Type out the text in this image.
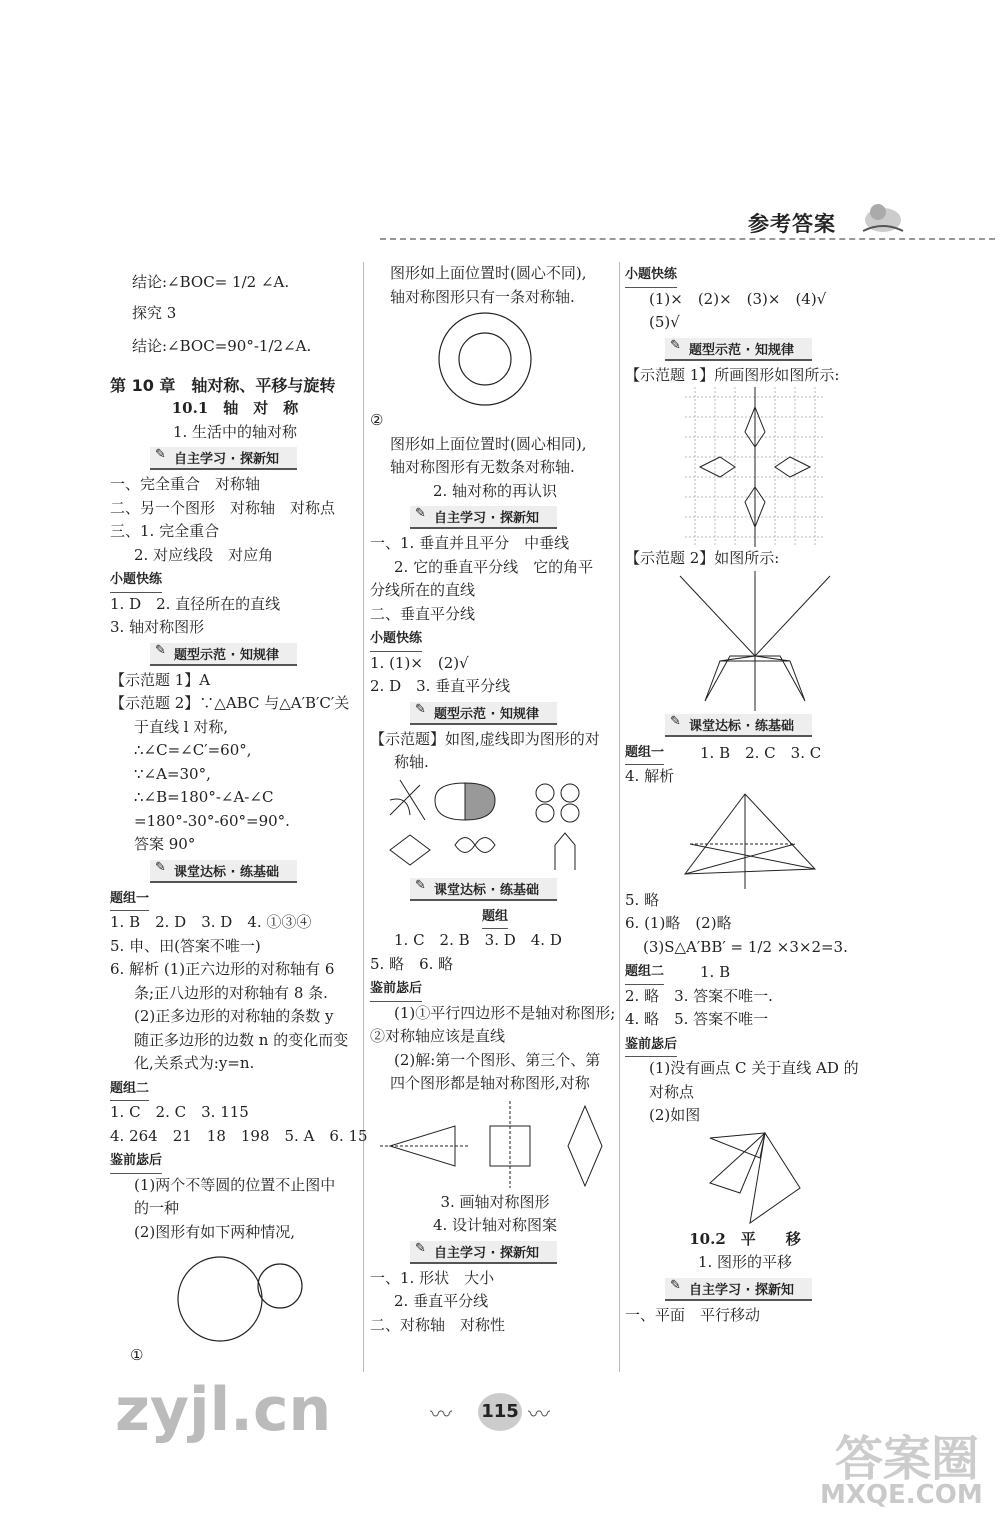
参考答案

结论:∠BOC= 1/2 ∠A.

探究 3

结论:∠BOC=90°-1/2∠A.

第 10 章　轴对称、平移与旋转

10.1　轴　对　称

1. 生活中的轴对称

✎ 自主学习 · 探新知

一、完全重合　对称轴

二、另一个图形　对称轴　对称点

三、1. 完全重合

2. 对应线段　对应角

小题快练

1. D　2. 直径所在的直线

3. 轴对称图形

✎ 题型示范 · 知规律

【示范题 1】A

【示范题 2】∵△ABC 与△A′B′C′关

于直线 l 对称,

∴∠C=∠C′=60°,

∵∠A=30°,

∴∠B=180°-∠A-∠C

=180°-30°-60°=90°.

答案 90°

✎ 课堂达标 · 练基础

题组一

1. B　2. D　3. D　4. ①③④

5. 申、田(答案不唯一)

6. 解析 (1)正六边形的对称轴有 6

条;正八边形的对称轴有 8 条.

(2)正多边形的对称轴的条数 y

随正多边形的边数 n 的变化而变

化,关系式为:y=n.

题组二

1. C　2. C　3. 115

4. 264　21　18　198　5. A　6. 15

鉴前毖后

(1)两个不等圆的位置不止图中

的一种

(2)图形有如下两种情况,

①

图形如上面位置时(圆心不同),

轴对称图形只有一条对称轴.

②

图形如上面位置时(圆心相同),

轴对称图形有无数条对称轴.

2. 轴对称的再认识

✎ 自主学习 · 探新知

一、1. 垂直并且平分　中垂线

2. 它的垂直平分线　它的角平

分线所在的直线

二、垂直平分线

小题快练

1. (1)×　(2)√

2. D　3. 垂直平分线

✎ 题型示范 · 知规律

【示范题】如图,虚线即为图形的对

称轴.

✎ 课堂达标 · 练基础

题组

1. C　2. B　3. D　4. D

5. 略　6. 略

鉴前毖后

(1)①平行四边形不是轴对称图形;

②对称轴应该是直线

(2)解:第一个图形、第三个、第

四个图形都是轴对称图形,对称

3. 画轴对称图形

4. 设计轴对称图案

✎ 自主学习 · 探新知

一、1. 形状　大小

2. 垂直平分线

二、对称轴　对称性

小题快练

(1)×　(2)×　(3)×　(4)√

(5)√

✎ 题型示范 · 知规律

【示范题 1】所画图形如图所示:

【示范题 2】如图所示:

✎ 课堂达标 · 练基础

题组一	1. B　2. C　3. C

4. 解析

5. 略

6. (1)略　(2)略

(3)S△A′BB′ = 1/2 ×3×2=3.

题组二	1. B

2. 略　3. 答案不唯一.

4. 略　5. 答案不唯一

鉴前毖后

(1)没有画点 C 关于直线 AD 的

对称点

(2)如图

10.2　平　　移

1. 图形的平移

✎ 自主学习 · 探新知

一、平面　平行移动

〰 115 〰
zyjl.cn
答案圈
MXQE.COM
